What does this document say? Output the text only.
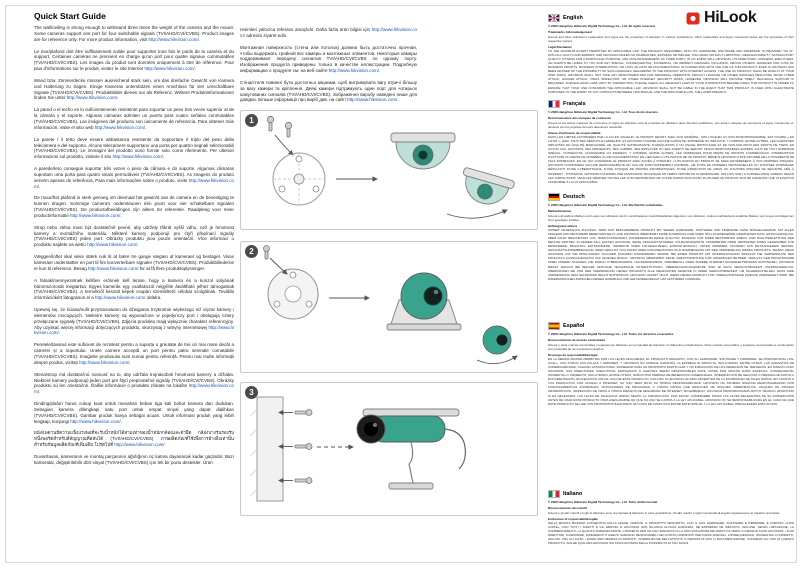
HiLook
Quick Start Guide

The wall/ceiling is strong enough to withstand three times the weight of the camera and the mount. Some cameras support one port for four switchable signals (TVI/AHD/CVI/CVBS). Product images are for reference only. For more product information, visit http://www.hikvision.com/.

Le mur/plafond doit être suffisamment solide pour supporter trois fois le poids de la caméra et du support. Certaines caméras ne prennent en charge qu'un port pour quatre signaux commutables (TVI/AHD/CVI/CVBS). Les images du produit sont données uniquement à titre de référence. Pour plus d'informations sur le produit, visitez le site Internet http://www.hikvision.com/.

Wand bzw. Zimmerdecke müssen ausreichend stark sein, um das dreifache Gewicht von Kamera und Halterung zu tragen. Einige Kameras unterstützen einen Anschluss für vier umschaltbare Signale (TVI/AHD/CVI/CVBS). Produktbilder dienen nur als Referenz. Weitere Produktinformationen finden Sie unter http://www.hikvision.com/.

La pared o el techo es lo suficientemente resistente para soportar un peso tres veces superior al de la cámara y el soporte. Algunas cámaras admiten un puerto para cuatro señales conmutables (TVI/AHD/CVI/CVBS). Las imágenes del producto son únicamente de referencia. Para obtener más información, visite el sitio web http://www.hikvision.com/.

La parete / il tetto deve essere abbastanza resistente da sopportare il triplo del peso della telecamera e del supporto. Alcune telecamere supportano una porta per quattro segnali selezionabili (TVI/AHD/CVI/CVBS). Le immagini del prodotto sono fornite solo come riferimento. Per ulteriori informazioni sul prodotto, visitare il sito http://www.hikvision.com/.

A parede/teto consegue suportar três vezes o peso da câmara e do suporte. Algumas câmaras suportam uma porta para quatro sinais permutáveis (TVI/AHD/CVI/CVBS). As imagens do produto servem apenas de referência. Para mais informações sobre o produto, visite http://www.hikvision.com/.

De muur/het plafond is sterk genoeg om driemaal het gewicht van de camera en de bevestiging te kunnen dragen. Sommige camera's ondersteunen één poort voor vier schakelbare signalen (TVI/AHD/CVI/CVBS). De productafbeeldingen zijn alleen ter referentie. Raadpleeg voor meer productinformatie http://www.hikvision.com/.

Strop nebo stěna musí být dostatečně pevné, aby udržely třikrát vyšší váhu, než je hmotnost kamery a montážního materiálu. Některé kamery podporují pro čtyři přepínací signály (TVI/AHD/CVI/CVBS) jeden port. Obrázky produktu jsou pouze orientační. Více informací o produktu najdete na webu http://www.hikvision.com/.

Væggen/loftet skal være stærk nok til at bære tre gange vægten af kameraet og beslaget. Visse kameraer understøtter en port til fire konverterbare signaler (TVI/AHD/CVI/CVBS). Produktbillederne er kun til reference. Besøg http://www.hikvision.com/ for at få flere produktoplysninger.

A falnak/mennyezetnek kellően erősnek kell lennie, hogy a kamera és a konzol súlyának háromszorosát megtartsa. Egyes kamerák egy csatlakozót négyféle átváltható jelhez támogatnak (TVI/AHD/CVI/CVBS). A termékről készült képek csupán szemléltető célokat szolgálnak. További információkért látogasson el a http://www.hikvision.com/ oldalra.

Upewnij się, że ściana/sufit przystosowano do dźwigania trzykrotnie większego niż ciężar kamery i elementów mocujących. Niektóre kamery są wyposażone w pojedynczy port i obsługują cztery przełączane sygnały (TVI/AHD/CVI/CVBS). Zdjęcia produktu mają wyłącznie charakter referencyjny. Aby uzyskać więcej informacji dotyczących produktu, skorzystaj z witryny internetowej http://www.hikvision.com/.

Peretele/tavanul este suficient de rezistent pentru a suporta o greutate de trei ori mai mare decât a camerei și a suportului. Unele camere acceptă un port pentru patru semnale comutabile (TVI/AHD/CVI/CVBS). Imaginile produsului sunt numai pentru referință. Pentru mai multe informații despre produs, vizitați http://www.hikvision.com/.

Stena/strop má dostatočnú nosnosť na to, aby udržala trojnásobok hmotnosti kamery a držiaka. Niektoré kamery podporujú jeden port pre štyri prepínateľné signály (TVI/AHD/CVI/CVBS). Obrázky produktu sú len orientačné. Ďalšie informácie o produkte získate na lokalite http://www.hikvision.com/.

Dinding/plafon harus cukup kuat untuk menahan beban tiga kali bobot kamera dan dudukan. Sebagian kamera dilengkapi satu port untuk empat sinyal yang dapat dialihkan (TVI/AHD/CVI/CVBS). Gambar produk hanya sebagai acuan. Untuk informasi produk yang lebih lengkap, kunjungi http://www.hikvision.com/.

ผนัง/เพดานมีความแข็งแรงพอที่จะรับน้ำหนักได้สามเท่าของน้ำหนักกล้องและตัวยึด กล้องบางรุ่นรองรับหนึ่งพอร์ตสำหรับสี่สัญญาณที่สลับได้ (TVI/AHD/CVI/CVBS) ภาพผลิตภัณฑ์ใช้เพื่อการอ้างอิงเท่านั้น สำหรับข้อมูลผลิตภัณฑ์เพิ่มเติม โปรดไปที่ http://www.hikvision.com/

Duvar/tavan, kameranın ve montaj parçasının ağırlığının üç katına dayanacak kadar güçlüdür. Bazı kameralar, değiştirilebilir dört sinyal (TVI/AHD/CVI/CVBS) için tek bir portu destekler. Ürün

resimleri yalnızca referans amaçlıdır. Daha fazla ürün bilgisi için http://www.hikvision.com/ adresini ziyaret edin.

Монтажная поверхность (стена или потолок) должна быть достаточно прочная, чтобы выдержать тройной вес камеры и монтажных элементов. Некоторые камеры поддерживают передачу сигналов TVI/AHD/CVI/CVBS по одному порту. Изображения продукта приведены только в качестве иллюстрации. Подробную информацию о продукте см. на веб-сайте http://www.hikvision.com/.

Стіна/стеля повинні бути достатньо міцними, щоб витримувати вагу втричі більшу за вагу камери та кріплення. Деякі камери підтримують один порт для чотирьох комутованих сигналів (TVI/AHD/CVI/CVBS). Зображення виробу наведені лише для довідки. Більше інформації про виріб див. на сайті http://www.hikvision.com/.

1
2
3
English

© 2020 Hangzhou Hikvision Digital Technology Co., Ltd. All rights reserved.

Trademarks Acknowledgement

HiLook and other Hikvision's trademarks and logos are the properties of Hikvision in various jurisdictions. Other trademarks and logos mentioned below are the properties of their respective owners.

Legal Disclaimer

TO THE MAXIMUM EXTENT PERMITTED BY APPLICABLE LAW, THE PRODUCT DESCRIBED, WITH ITS HARDWARE, SOFTWARE AND FIRMWARE, IS PROVIDED "AS IS", WITH ALL FAULTS AND ERRORS, AND HIKVISION MAKES NO WARRANTIES, EXPRESS OR IMPLIED, INCLUDING WITHOUT LIMITATION, MERCHANTABILITY, SATISFACTORY QUALITY, FITNESS FOR A PARTICULAR PURPOSE, AND NON-INFRINGEMENT OF THIRD PARTY. IN NO EVENT WILL HIKVISION, ITS DIRECTORS, OFFICERS, EMPLOYEES, OR AGENTS BE LIABLE TO YOU FOR ANY SPECIAL, CONSEQUENTIAL, INCIDENTAL, OR INDIRECT DAMAGES, INCLUDING, AMONG OTHERS, DAMAGES FOR LOSS OF BUSINESS PROFITS, BUSINESS INTERRUPTION, OR LOSS OF DATA OR DOCUMENTATION, IN CONNECTION WITH THE USE OF THIS PRODUCT, EVEN IF HIKVISION HAS BEEN ADVISED OF THE POSSIBILITY OF SUCH DAMAGES. REGARDING TO THE PRODUCT WITH INTERNET ACCESS, THE USE OF PRODUCT SHALL BE WHOLLY AT YOUR OWN RISKS. HIKVISION SHALL NOT TAKE ANY RESPONSIBILITIES FOR ABNORMAL OPERATION, PRIVACY LEAKAGE OR OTHER DAMAGES RESULTING FROM CYBER ATTACK, HACKER ATTACK, VIRUS INSPECTION, OR OTHER INTERNET SECURITY RISKS; HOWEVER, HIKVISION WILL PROVIDE TIMELY TECHNICAL SUPPORT IF REQUIRED. SURVEILLANCE LAWS VARY BY JURISDICTION. PLEASE CHECK ALL RELEVANT LAWS IN YOUR JURISDICTION BEFORE USING THIS PRODUCT IN ORDER TO ENSURE THAT YOUR USE CONFORMS THE APPLICABLE LAW. HIKVISION SHALL NOT BE LIABLE IN THE EVENT THAT THIS PRODUCT IS USED WITH ILLEGITIMATE PURPOSES. IN THE EVENT OF ANY CONFLICTS BETWEEN THIS MANUAL AND THE APPLICABLE LAW, THE LATER PREVAILS.

Français

© 2020 Hangzhou Hikvision Digital Technology Co., Ltd. Tous droits réservés.

Reconnaissance des marques de commerce

HiLook et les autres marques de commerce et logos de Hikvision sont la propriété de Hikvision dans diverses juridictions. Les autres marques de commerce et logos mentionnés ci-dessous sont la propriété de leurs détenteurs respectifs.

Clause d'exclusion de responsabilité

DANS LES LIMITES AUTORISÉES PAR LA LOI EN VIGUEUR, LE PRODUIT DÉCRIT, AVEC SON MATÉRIEL, SON LOGICIEL ET SON MICROPROGRAMME, EST FOURNI « EN L'ÉTAT », AVEC TOUS SES DÉFAUTS ET ERREURS, ET HIKVISION N'OFFRE AUCUNE GARANTIE, EXPRESSE OU IMPLICITE, Y COMPRIS, ENTRE AUTRES, LES GARANTIES IMPLICITES DE QUALITÉ MARCHANDE, DE QUALITÉ SATISFAISANTE, D'ADÉQUATION À UN USAGE PARTICULIER ET DE NON-VIOLATION DES DROITS DE TIERS. EN AUCUN CAS, HIKVISION, SES DIRIGEANTS, SES CADRES, SES EMPLOYÉS OU SES AGENTS NE SERONT TENUS RESPONSABLES ENVERS VOUS DE TOUT DOMMAGE SPÉCIAL, CONSÉCUTIF, ACCESSOIRE OU INDIRECT, Y COMPRIS, ENTRE AUTRES, LES DOMMAGES POUR PERTE DE PROFITS COMMERCIAUX, INTERRUPTION D'ACTIVITÉ OU PERTE DE DONNÉES OU DE DOCUMENTATION, EN LIEN AVEC L'UTILISATION DE CE PRODUIT, MÊME SI HIKVISION A ÉTÉ INFORMÉ DE LA POSSIBILITÉ DE TELS DOMMAGES. EN CE QUI CONCERNE LE PRODUIT AVEC ACCÈS À INTERNET, L'UTILISATION DU PRODUIT SE FERA ENTIÈREMENT À VOS PROPRES RISQUES. HIKVISION N'ASSUMERA AUCUNE RESPONSABILITÉ EN CAS DE FONCTIONNEMENT ANORMAL, DE FUITE DE DONNÉES PERSONNELLES OU D'AUTRES DOMMAGES RÉSULTANT D'UNE CYBERATTAQUE, D'UNE ATTAQUE DE PIRATES INFORMATIQUES, D'UNE INSPECTION DE VIRUS OU D'AUTRES RISQUES DE SÉCURITÉ LIÉS À INTERNET ; TOUTEFOIS, HIKVISION FOURNIRA UNE ASSISTANCE TECHNIQUE EN TEMPS OPPORTUN SI NÉCESSAIRE. LES LOIS SUR LA SURVEILLANCE VARIENT SELON LES JURIDICTIONS. VEUILLEZ VÉRIFIER TOUTES LES LOIS PERTINENTES DE VOTRE JURIDICTION AVANT D'UTILISER CE PRODUIT AFIN DE GARANTIR UNE UTILISATION CONFORME À LA LOI APPLICABLE.

Deutsch

© 2020 Hangzhou Hikvision Digital Technology Co., Ltd. Alle Rechte vorbehalten.

Markenhinweise

HiLook und andere Marken und Logos von Hikvision sind in verschiedenen Gerichtsbarkeiten Eigentum von Hikvision. Andere nachstehend erwähnte Marken und Logos sind Eigentum ihrer jeweiligen Inhaber.

Haftungsausschluss

SOWEIT GESETZLICH ZULÄSSIG, WIRD DAS BESCHRIEBENE PRODUKT MIT SEINER HARDWARE, SOFTWARE UND FIRMWARE OHNE MÄNGELGEWÄHR, MIT ALLEN FEHLERN UND IRRTÜMERN BEREITGESTELLT, UND HIKVISION ÜBERNIMMT KEINE AUSDRÜCKLICHE ODER STILLSCHWEIGENDE GEWÄHRLEISTUNG, EINSCHLIESSLICH, ABER NICHT BESCHRÄNKT AUF, MARKTGÄNGIGKEIT, ZUFRIEDENSTELLENDE QUALITÄT, EIGNUNG FÜR EINEN BESTIMMTEN ZWECK UND NICHTVERLETZUNG DER RECHTE DRITTER. IN KEINEM FALL HAFTEN HIKVISION, SEINE GESCHÄFTSFÜHRER, FÜHRUNGSKRÄFTE, MITARBEITER ODER VERTRETER IHNEN GEGENÜBER FÜR BESONDERE, BEILÄUFIG ENTSTANDENE, INDIREKTE ODER FOLGESCHÄDEN, EINSCHLIESSLICH, UNTER ANDEREM, SCHÄDEN AUS ENTGANGENEM GEWINN, GESCHÄFTSUNTERBRECHUNG ODER VERLUST VON DATEN ODER DOKUMENTATION IM ZUSAMMENHANG MIT DER VERWENDUNG DIESES PRODUKTS, SELBST WENN HIKVISION AUF DIE MÖGLICHKEIT SOLCHER SCHÄDEN HINGEWIESEN WURDE. BEI EINEM PRODUKT MIT INTERNETZUGANG ERFOLGT DIE VERWENDUNG DES PRODUKTS AUSSCHLIESSLICH AUF EIGENES RISIKO. HIKVISION ÜBERNIMMT KEINE VERANTWORTUNG FÜR ANORMALEN BETRIEB, VERLUST DER PRIVATSPHÄRE ODER ANDERE SCHÄDEN, DIE DURCH CYBERANGRIFFE, HACKERANGRIFFE, VIRENBEFALL ODER ANDERE INTERNET-SICHERHEITSRISIKEN ENTSTEHEN; HIKVISION BIETET JEDOCH BEI BEDARF ZEITNAHE TECHNISCHE UNTERSTÜTZUNG. ÜBERWACHUNGSGESETZE SIND JE NACH GERICHTSBARKEIT UNTERSCHIEDLICH. ÜBERPRÜFEN SIE VOR DER VERWENDUNG DIESES PRODUKTS ALLE RELEVANTEN GESETZE IN IHRER GERICHTSBARKEIT, UM SICHERZUSTELLEN, DASS IHRE VERWENDUNG DEM GELTENDEN RECHT ENTSPRICHT. HIKVISION HAFTET NICHT, WENN DIESES PRODUKT FÜR UNRECHTMÄSSIGE ZWECKE VERWENDET WIRD. BEI WIDERSPRÜCHEN ZWISCHEN DIESEM HANDBUCH UND GELTENDEM RECHT HAT LETZTERES VORRANG.

Español

© 2020 Hangzhou Hikvision Digital Technology Co., Ltd. Todos los derechos reservados.

Reconocimiento de marcas comerciales

HiLook y otras marcas comerciales y logotipos de Hikvision son propiedad de Hikvision en diferentes jurisdicciones. Otras marcas comerciales y logotipos mencionados a continuación son propiedad de sus respectivos dueños.

Descargo de responsabilidad legal

EN LA MEDIDA MÁXIMA PERMITIDA POR LAS LEYES APLICABLES, EL PRODUCTO DESCRITO, CON SU HARDWARE, SOFTWARE Y FIRMWARE, SE PROPORCIONA «TAL CUAL», CON TODOS SUS FALLOS Y ERRORES, Y HIKVISION NO OFRECE GARANTÍA, NI EXPRESA NI IMPLÍCITA, INCLUYENDO, ENTRE OTRAS, LAS GARANTÍAS DE COMERCIABILIDAD, CALIDAD SATISFACTORIA, IDONEIDAD PARA UN PROPÓSITO PARTICULAR Y NO INFRACCIÓN DE LOS DERECHOS DE TERCEROS. EN NINGÚN CASO HIKVISION, SUS DIRECTORES, EJECUTIVOS, EMPLEADOS O AGENTES SERÁN RESPONSABLES ANTE USTED POR NINGÚN DAÑO ESPECIAL, CONSECUENTE, INCIDENTAL O INDIRECTO, INCLUYENDO, ENTRE OTROS, DAÑOS POR PÉRDIDA DE BENEFICIOS COMERCIALES, INTERRUPCIÓN DE NEGOCIO O PÉRDIDA DE DATOS O DOCUMENTACIÓN, EN RELACIÓN CON EL USO DE ESTE PRODUCTO, INCLUSO SI HIKVISION HA SIDO ADVERTIDO DE LA POSIBILIDAD DE TALES DAÑOS. EN CUANTO A LOS PRODUCTOS CON ACCESO A INTERNET, SU USO SERÁ BAJO SU PROPIA RESPONSABILIDAD. HIKVISION NO ASUMIRÁ NINGUNA RESPONSABILIDAD POR FUNCIONAMIENTOS ANORMALES, FILTRACIONES DE PRIVACIDAD U OTROS DAÑOS QUE RESULTEN DE ATAQUES CIBERNÉTICOS, ATAQUES DE PIRATAS INFORMÁTICOS, INSPECCIÓN DE VIRUS U OTROS RIESGOS DE SEGURIDAD DE INTERNET; SIN EMBARGO, HIKVISION PROPORCIONARÁ APOYO TÉCNICO OPORTUNO SI ES NECESARIO. LAS LEYES DE VIGILANCIA VARÍAN SEGÚN LA JURISDICCIÓN. POR FAVOR, COMPRUEBE TODAS LAS LEYES RELEVANTES DE SU JURISDICCIÓN ANTES DE USAR ESTE PRODUCTO PARA ASEGURARSE DE QUE SU USO SE AJUSTA A LA LEY APLICABLE. HIKVISION NO SE RESPONSABILIZARÁ EN EL CASO DE QUE ESTE PRODUCTO SE USE CON PROPÓSITOS ILEGÍTIMOS. EN CASO DE CONFLICTO ENTRE ESTE MANUAL Y LA LEY APLICABLE, PREVALECERÁ ESTA ÚLTIMA.

Italiano

© 2020 Hangzhou Hikvision Digital Technology Co., Ltd. Tutti i diritti riservati.

Riconoscimento dei marchi

HiLook e gli altri marchi e loghi di Hikvision sono di proprietà di Hikvision in varie giurisdizioni. Gli altri marchi e loghi menzionati di seguito appartengono ai rispettivi proprietari.

Esclusione di responsabilità legale

NELLA MISURA MASSIMA CONSENTITA DALLA LEGGE VIGENTE, IL PRODOTTO DESCRITTO, CON IL SUO HARDWARE, SOFTWARE E FIRMWARE, È FORNITO «COSÌ COM'È», CON TUTTI I DIFETTI E GLI ERRORI, E HIKVISION NON RILASCIA ALCUNA GARANZIA, NÉ ESPRESSA NÉ IMPLICITA, INCLUSE, SENZA LIMITAZIONE, LA COMMERCIABILITÀ, LA QUALITÀ SODDISFACENTE, L'IDONEITÀ PER UN USO SPECIFICO E LA NON VIOLAZIONE DEI DIRITTI DI TERZI. IN NESSUN CASO HIKVISION, I SUOI DIRETTORI, FUNZIONARI, DIPENDENTI O AGENTI SARANNO RESPONSABILI NEI VOSTRI CONFRONTI PER DANNI SPECIALI, CONSEQUENZIALI, INCIDENTALI O INDIRETTI, INCLUSI, TRA GLI ALTRI, I DANNI PER PERDITA DI PROFITTI, INTERRUZIONE DELL'ATTIVITÀ O PERDITA DI DATI O DOCUMENTAZIONE, CONNESSI ALL'USO DI QUESTO PRODOTTO, ANCHE QUALORA HIKVISION SIA STATA AVVISATA DELLA POSSIBILITÀ DI TALI DANNI.
